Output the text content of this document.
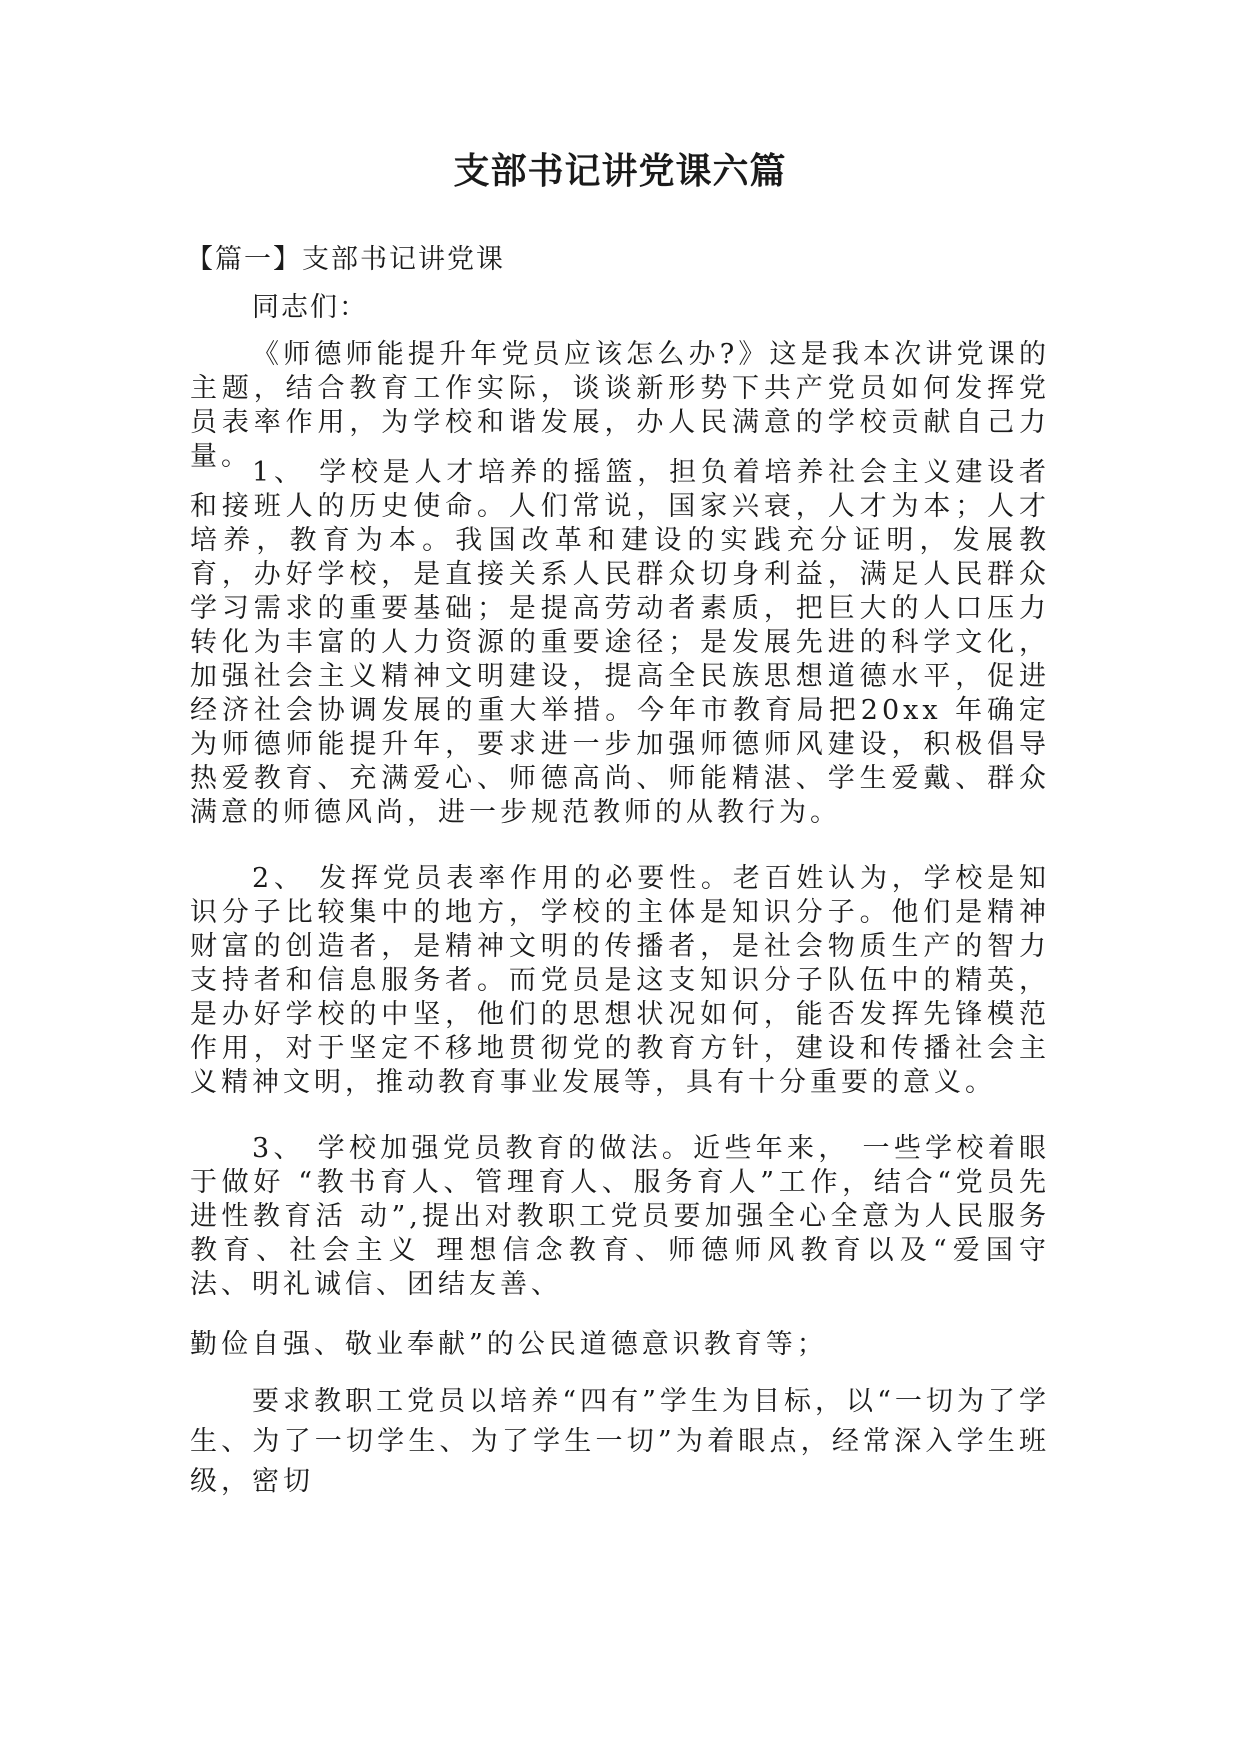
支部书记讲党课六篇
【篇一】支部书记讲党课
同志们：

《师德师能提升年党员应该怎么办?》这是我本次讲党课的主题，结合教育工作实际，谈谈新形势下共产党员如何发挥党员表率作用，为学校和谐发展，办人民满意的学校贡献自己力量。

1、 学校是人才培养的摇篮，担负着培养社会主义建设者和接班人的历史使命。人们常说，国家兴衰，人才为本；人才培养，教育为本。我国改革和建设的实践充分证明，发展教育，办好学校，是直接关系人民群众切身利益，满足人民群众学习需求的重要基础；是提高劳动者素质，把巨大的人口压力转化为丰富的人力资源的重要途径；是发展先进的科学文化，加强社会主义精神文明建设，提高全民族思想道德水平，促进经济社会协调发展的重大举措。今年市教育局把20xx 年确定为师德师能提升年，要求进一步加强师德师风建设，积极倡导热爱教育、充满爱心、师德高尚、师能精湛、学生爱戴、群众满意的师德风尚，进一步规范教师的从教行为。

2、 发挥党员表率作用的必要性。老百姓认为，学校是知识分子比较集中的地方，学校的主体是知识分子。他们是精神财富的创造者，是精神文明的传播者，是社会物质生产的智力支持者和信息服务者。而党员是这支知识分子队伍中的精英，是办好学校的中坚，他们的思想状况如何，能否发挥先锋模范作用，对于坚定不移地贯彻党的教育方针，建设和传播社会主义精神文明，推动教育事业发展等，具有十分重要的意义。

3、 学校加强党员教育的做法。近些年来， 一些学校着眼于做好 “教书育人、管理育人、服务育人”工作，结合“党员先进性教育活 动”,提出对教职工党员要加强全心全意为人民服务教育、社会主义 理想信念教育、师德师风教育以及“爱国守法、明礼诚信、团结友善、

勤俭自强、敬业奉献”的公民道德意识教育等；

要求教职工党员以培养“四有”学生为目标，以“一切为了学生、为了一切学生、为了学生一切”为着眼点，经常深入学生班级，密切
